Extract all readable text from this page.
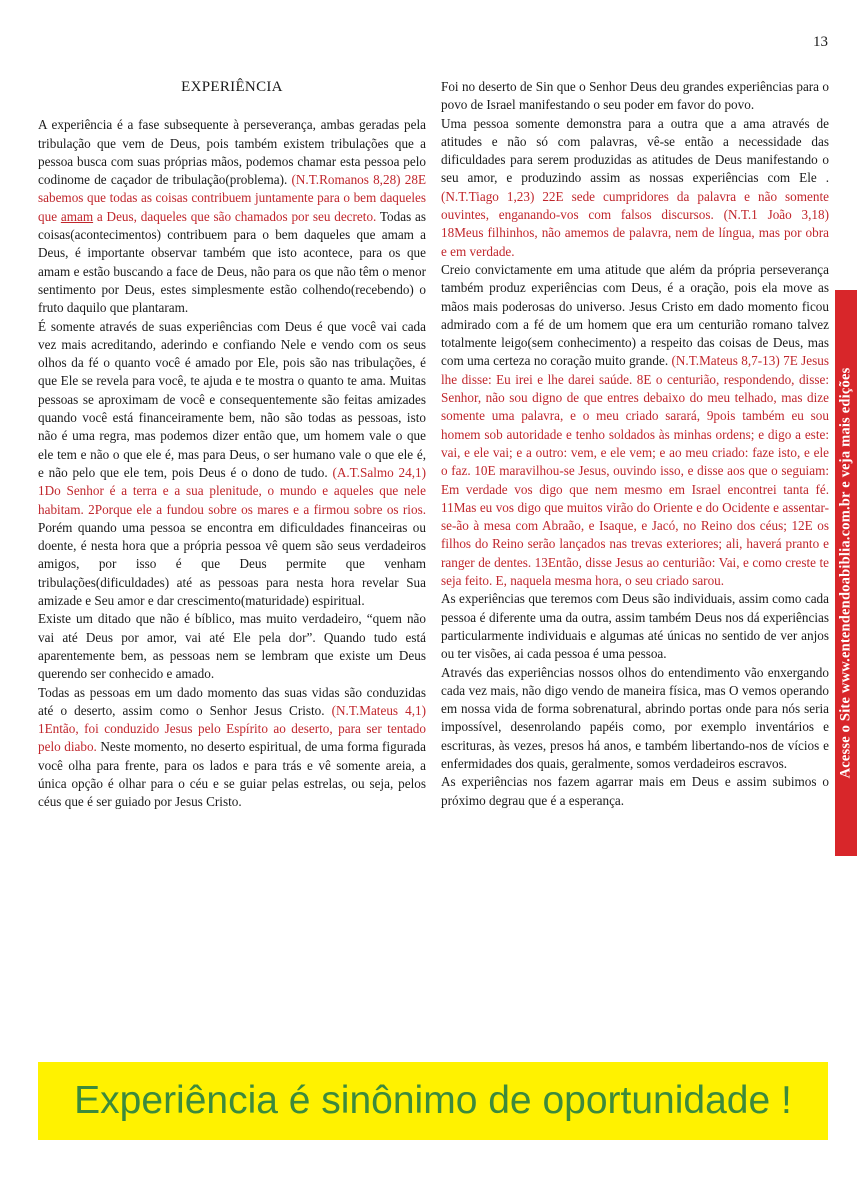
13
EXPERIÊNCIA

A experiência é a fase subsequente à perseverança, ambas geradas pela tribulação que vem de Deus, pois também existem tribulações que a pessoa busca com suas próprias mãos, podemos chamar esta pessoa pelo codinome de caçador de tribulação(problema). (N.T.Romanos 8,28) 28E sabemos que todas as coisas contribuem juntamente para o bem daqueles que amam a Deus, daqueles que são chamados por seu decreto. Todas as coisas(acontecimentos) contribuem para o bem daqueles que amam a Deus, é importante observar também que isto acontece, para os que amam e estão buscando a face de Deus, não para os que não têm o menor sentimento por Deus, estes simplesmente estão colhendo(recebendo) o fruto daquilo que plantaram.

É somente através de suas experiências com Deus é que você vai cada vez mais acreditando, aderindo e confiando Nele e vendo com os seus olhos da fé o quanto você é amado por Ele, pois são nas tribulações, é que Ele se revela para você, te ajuda e te mostra o quanto te ama. Muitas pessoas se aproximam de você e consequentemente são feitas amizades quando você está financeiramente bem, não são todas as pessoas, isto não é uma regra, mas podemos dizer então que, um homem vale o que ele tem e não o que ele é, mas para Deus, o ser humano vale o que ele é, e não pelo que ele tem, pois Deus é o dono de tudo. (A.T.Salmo 24,1) 1Do Senhor é a terra e a sua plenitude, o mundo e aqueles que nele habitam. 2Porque ele a fundou sobre os mares e a firmou sobre os rios. Porém quando uma pessoa se encontra em dificuldades financeiras ou doente, é nesta hora que a própria pessoa vê quem são seus verdadeiros amigos, por isso é que Deus permite que venham tribulações(dificuldades) até as pessoas para nesta hora revelar Sua amizade e Seu amor e dar crescimento(maturidade) espiritual.

Existe um ditado que não é bíblico, mas muito verdadeiro, “quem não vai até Deus por amor, vai até Ele pela dor”. Quando tudo está aparentemente bem, as pessoas nem se lembram que existe um Deus querendo ser conhecido e amado.

Todas as pessoas em um dado momento das suas vidas são conduzidas até o deserto, assim como o Senhor Jesus Cristo. (N.T.Mateus 4,1) 1Então, foi conduzido Jesus pelo Espírito ao deserto, para ser tentado pelo diabo. Neste momento, no deserto espiritual, de uma forma figurada você olha para frente, para os lados e para trás e vê somente areia, a única opção é olhar para o céu e se guiar pelas estrelas, ou seja, pelos céus que é ser guiado por Jesus Cristo.

Foi no deserto de Sin que o Senhor Deus deu grandes experiências para o povo de Israel manifestando o seu poder em favor do povo.

Uma pessoa somente demonstra para a outra que a ama através de atitudes e não só com palavras, vê-se então a necessidade das dificuldades para serem produzidas as atitudes de Deus manifestando o seu amor, e produzindo assim as nossas experiências com Ele .(N.T.Tiago 1,23) 22E sede cumpridores da palavra e não somente ouvintes, enganando-vos com falsos discursos. (N.T.1 João 3,18) 18Meus filhinhos, não amemos de palavra, nem de língua, mas por obra e em verdade.

Creio convictamente em uma atitude que além da própria perseverança também produz experiências com Deus, é a oração, pois ela move as mãos mais poderosas do universo. Jesus Cristo em dado momento ficou admirado com a fé de um homem que era um centurião romano talvez totalmente leigo(sem conhecimento) a respeito das coisas de Deus, mas com uma certeza no coração muito grande. (N.T.Mateus 8,7-13) 7E Jesus lhe disse: Eu irei e lhe darei saúde. 8E o centurião, respondendo, disse: Senhor, não sou digno de que entres debaixo do meu telhado, mas dize somente uma palavra, e o meu criado sarará, 9pois também eu sou homem sob autoridade e tenho soldados às minhas ordens; e digo a este: vai, e ele vai; e a outro: vem, e ele vem; e ao meu criado: faze isto, e ele o faz. 10E maravilhou-se Jesus, ouvindo isso, e disse aos que o seguiam: Em verdade vos digo que nem mesmo em Israel encontrei tanta fé. 11Mas eu vos digo que muitos virão do Oriente e do Ocidente e assentar-se-ão à mesa com Abraão, e Isaque, e Jacó, no Reino dos céus; 12E os filhos do Reino serão lançados nas trevas exteriores; ali, haverá pranto e ranger de dentes. 13Então, disse Jesus ao centurião: Vai, e como creste te seja feito. E, naquela mesma hora, o seu criado sarou.

As experiências que teremos com Deus são individuais, assim como cada pessoa é diferente uma da outra, assim também Deus nos dá experiências particularmente individuais e algumas até únicas no sentido de ver anjos ou ter visões, ai cada pessoa é uma pessoa.

Através das experiências nossos olhos do entendimento vão enxergando cada vez mais, não digo vendo de maneira física, mas O vemos operando em nossa vida de forma sobrenatural, abrindo portas onde para nós seria impossível, desenrolando papéis como, por exemplo inventários e escrituras, às vezes, presos há anos, e também libertando-nos de vícios e enfermidades dos quais, geralmente, somos verdadeiros escravos.

As experiências nos fazem agarrar mais em Deus e assim subimos o próximo degrau que é a esperança.

Acesse o Site www.entendendoabiblia.com.br e veja mais edições
Experiência é sinônimo de oportunidade !
